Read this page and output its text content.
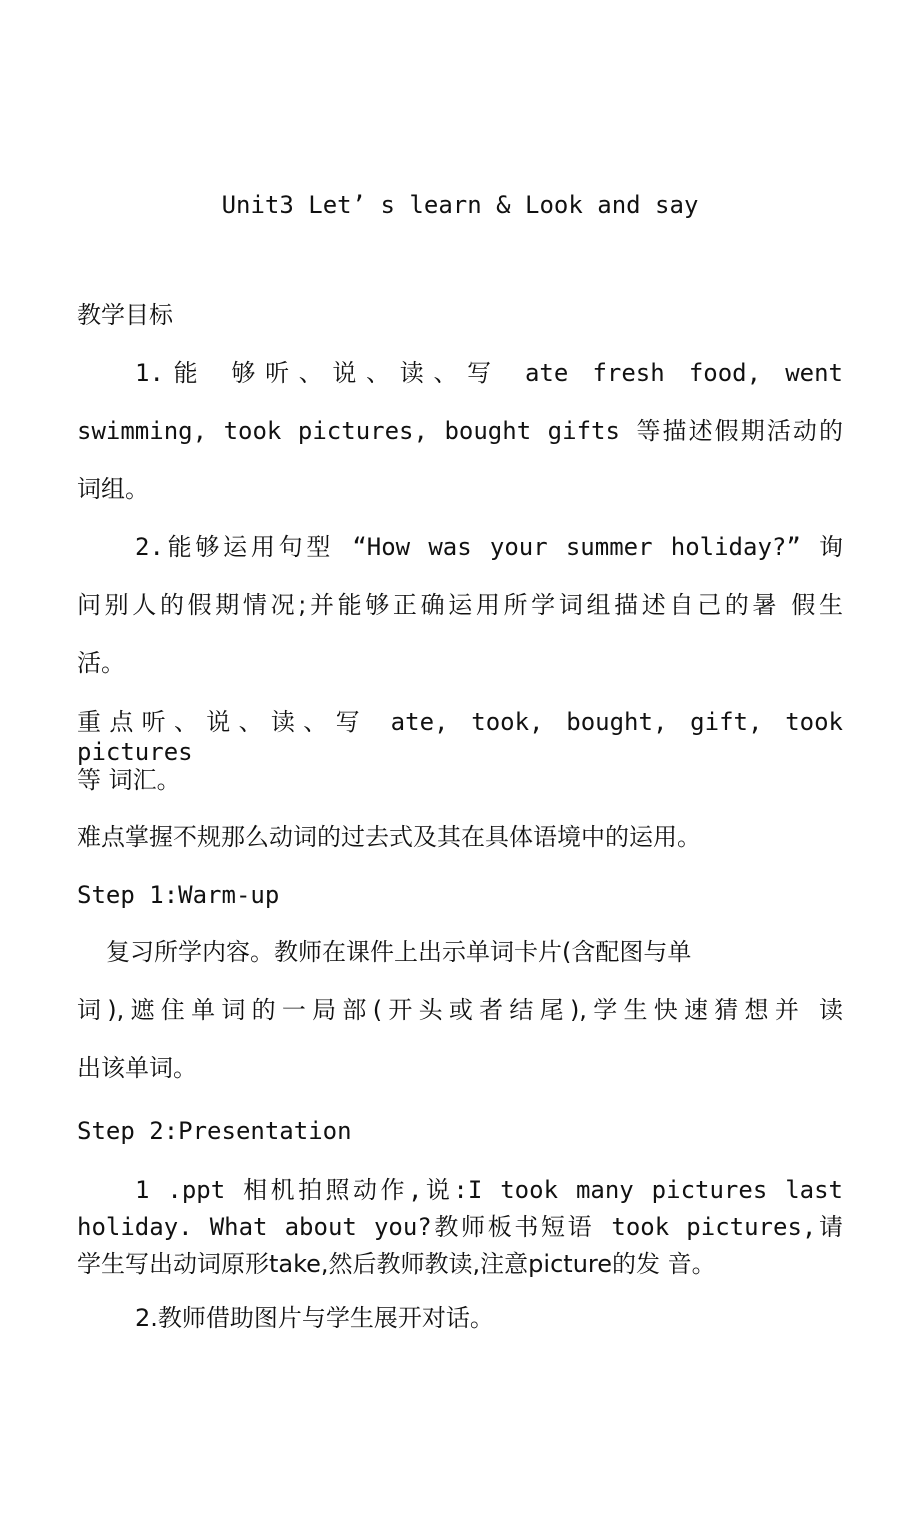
Unit3 Let’ s learn & Look and say
教学目标
1.能 够听、说、读、写 ate fresh food, went
swimming, took pictures, bought gifts 等描述假期活动的
词组。
2.能够运用句型 “How was your summer holiday?” 询
问别人的假期情况;并能够正确运用所学词组描述自己的暑 假生
活。
重点听、说、读、写 ate, took, bought, gift, took pictures
等 词汇。
难点掌握不规那么动词的过去式及其在具体语境中的运用。
Step 1:Warm-up
复习所学内容。教师在课件上出示单词卡片(含配图与单
词),遮住单词的一局部(开头或者结尾),学生快速猜想并 读
出该单词。
Step 2:Presentation
1 .ppt 相机拍照动作,说:I took many pictures last
holiday. What about you?教师板书短语 took pictures,请
学生写出动词原形take,然后教师教读,注意picture的发 音。
2.教师借助图片与学生展开对话。
